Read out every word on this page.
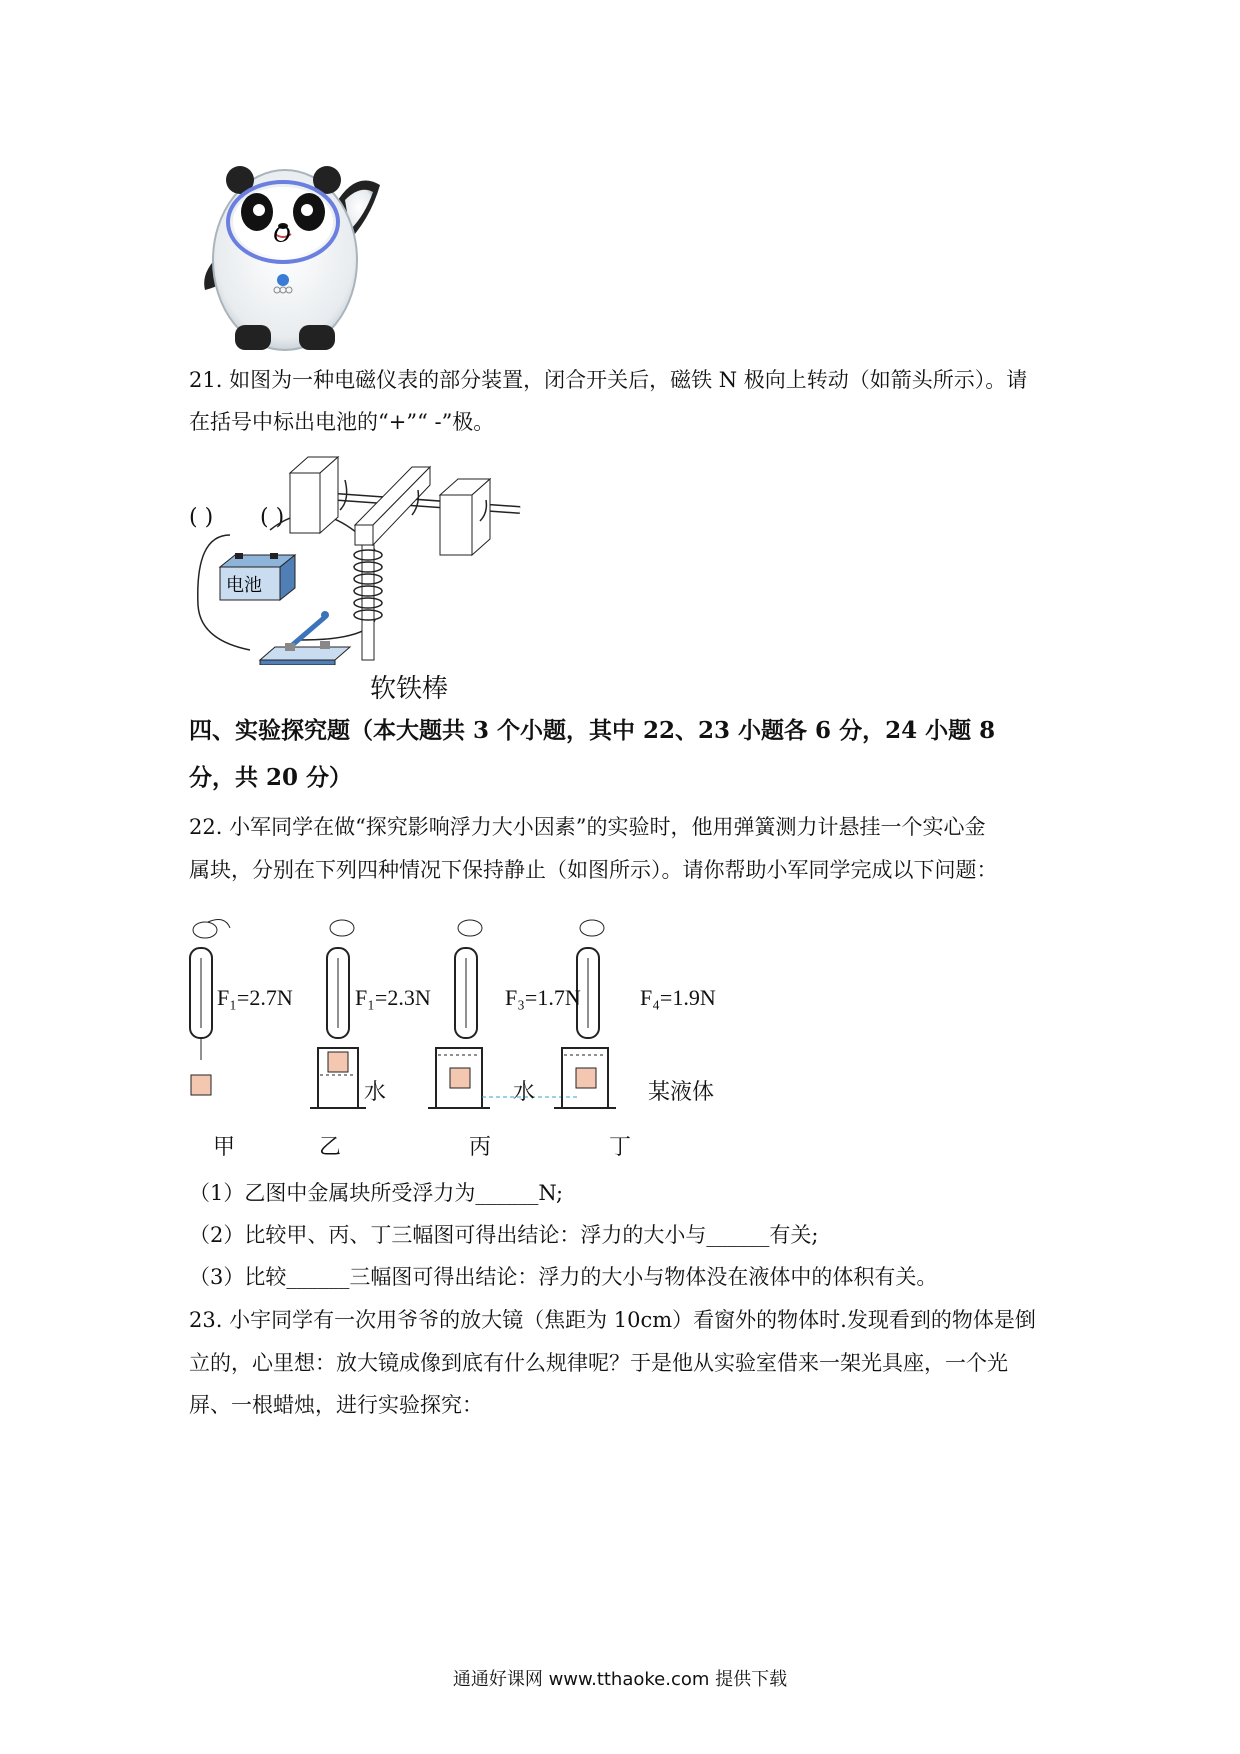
O
21. 如图为一种电磁仪表的部分装置，闭合开关后，磁铁 N 极向上转动（如箭头所示）。请
在括号中标出电池的“+”“ -”极。
( ) ( )
电池
软铁棒
四、实验探究题（本大题共 3 个小题，其中 22、23 小题各 6 分，24 小题 8
分，共 20 分）
22. 小军同学在做“探究影响浮力大小因素”的实验时，他用弹簧测力计悬挂一个实心金
属块，分别在下列四种情况下保持静止（如图所示）。请你帮助小军同学完成以下问题：
F₁=2.7N	F₁=2.3N	F₃=1.7N	F₄=1.9N
水	水	某液体
甲	乙	丙	丁
（1）乙图中金属块所受浮力为______N;
（2）比较甲、丙、丁三幅图可得出结论：浮力的大小与______有关;
（3）比较______三幅图可得出结论：浮力的大小与物体没在液体中的体积有关。
23. 小宇同学有一次用爷爷的放大镜（焦距为 10cm）看窗外的物体时.发现看到的物体是倒
立的，心里想：放大镜成像到底有什么规律呢？于是他从实验室借来一架光具座，一个光
屏、一根蜡烛，进行实验探究：
通通好课网 www.tthaoke.com 提供下载
